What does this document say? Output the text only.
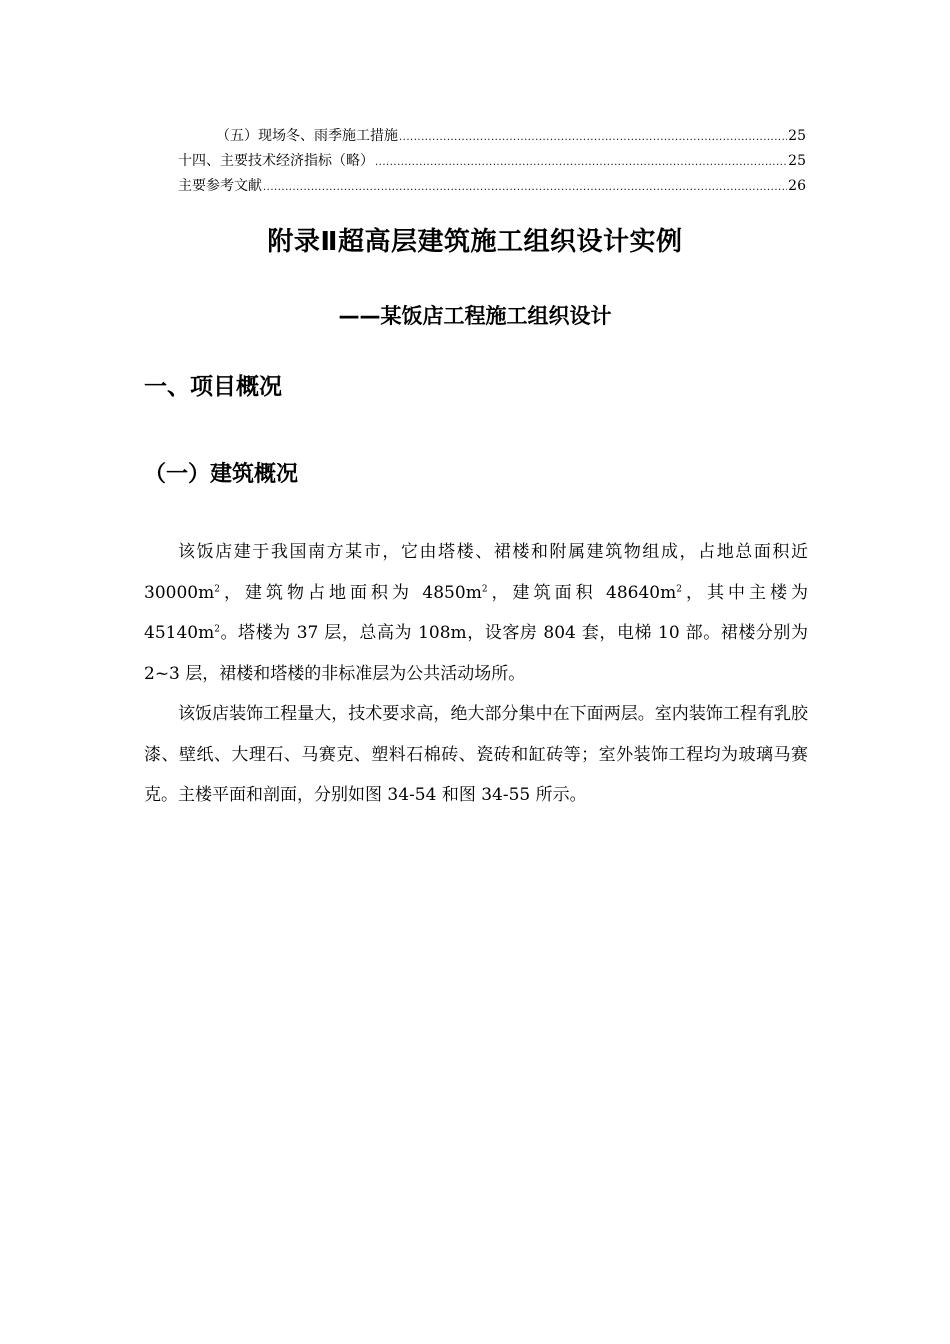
（五）现场冬、雨季施工措施 .....	25
十四、主要技术经济指标（略） .....	25
主要参考文献 .....	26
附录Ⅱ超高层建筑施工组织设计实例
——某饭店工程施工组织设计
一、项目概况
（一）建筑概况

该饭店建于我国南方某市，它由塔楼、裙楼和附属建筑物组成，占地总面积近 $30000m^2$，建筑物占地面积为 $4850m^2$，建筑面积 $48640m^2$，其中主楼为 $45140m^2$。塔楼为 37 层，总高为 108m，设客房 804 套，电梯 10 部。裙楼分别为 2~3 层，裙楼和塔楼的非标准层为公共活动场所。

该饭店装饰工程量大，技术要求高，绝大部分集中在下面两层。室内装饰工程有乳胶漆、壁纸、大理石、马赛克、塑料石棉砖、瓷砖和缸砖等；室外装饰工程均为玻璃马赛克。主楼平面和剖面，分别如图 34-54 和图 34-55 所示。
